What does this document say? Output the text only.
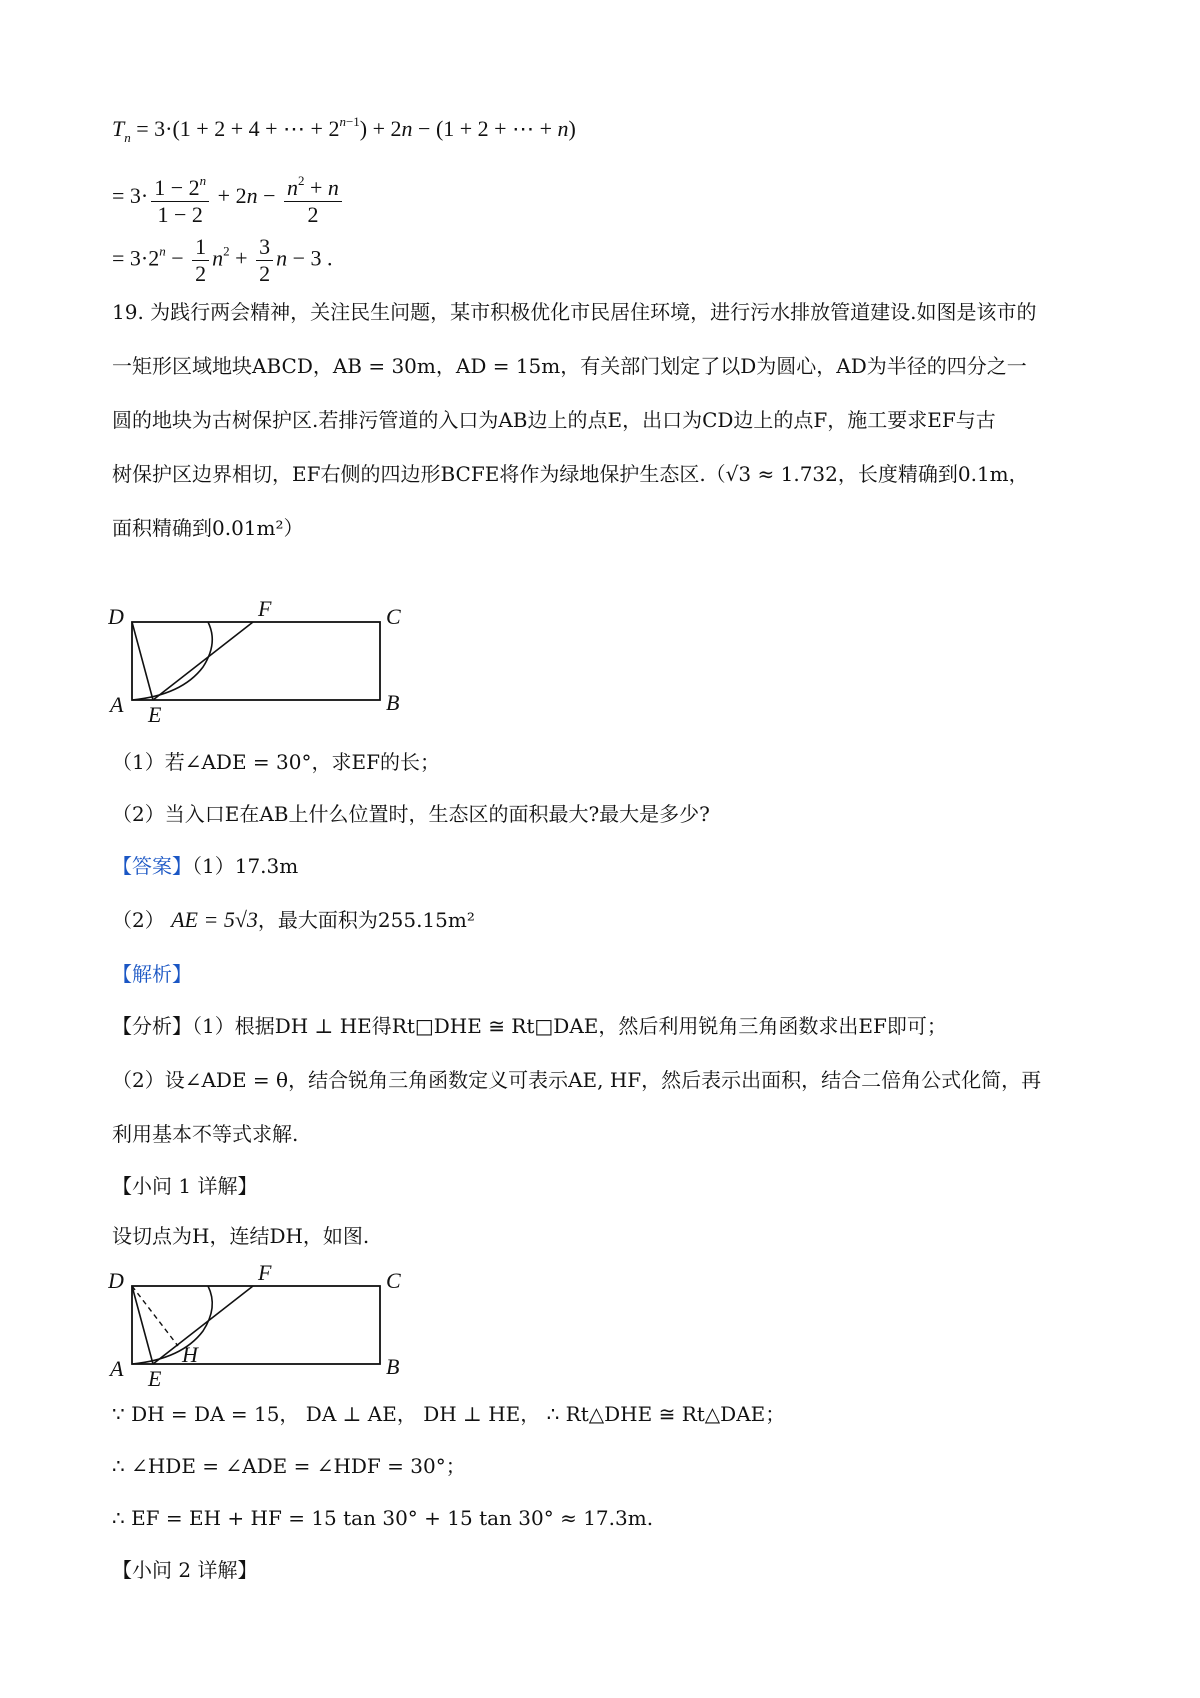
$T_n = 3\cdot(1 + 2 + 4$ + ⋯ + $2^{n-1}) + 2n - (1 + 2$ + ⋯ + n)
= $3\cdot \frac{1 - 2^n}{1 - 2} + 2n - \frac{n^2 + n}{2}$
= $3\cdot 2^n - \frac{1}{2} n^2 + \frac{3}{2}$ n − 3 .
19. 为践行两会精神，关注民生问题，某市积极优化市民居住环境，进行污水排放管道建设.如图是该市的
一矩形区域地块ABCD，AB = 30m，AD = 15m，有关部门划定了以D为圆心，AD为半径的四分之一
圆的地块为古树保护区.若排污管道的入口为AB边上的点E，出口为CD边上的点F，施工要求EF与古
树保护区边界相切，EF右侧的四边形BCFE将作为绿地保护生态区.（√3 ≈ 1.732，长度精确到0.1m，
面积精确到0.01m²）
D	F	C
A E	B
（1）若∠ADE = 30°，求EF的长；
（2）当入口E在AB上什么位置时，生态区的面积最大?最大是多少?
【答案】（1）17.3m
（2） AE = 5√3，最大面积为255.15m²
【解析】
【分析】（1）根据DH ⊥ HE得Rt□DHE ≅ Rt□DAE，然后利用锐角三角函数求出EF即可；
（2）设∠ADE = θ，结合锐角三角函数定义可表示AE, HF，然后表示出面积，结合二倍角公式化简，再
利用基本不等式求解.
【小问 1 详解】
设切点为H，连结DH，如图.
D	F	C
A E
H	B
∵ DH = DA = 15， DA ⊥ AE， DH ⊥ HE， ∴ Rt△DHE ≅ Rt△DAE；
∴ ∠HDE = ∠ADE = ∠HDF = 30°；
∴ EF = EH + HF = 15 tan 30° + 15 tan 30° ≈ 17.3m.
【小问 2 详解】
